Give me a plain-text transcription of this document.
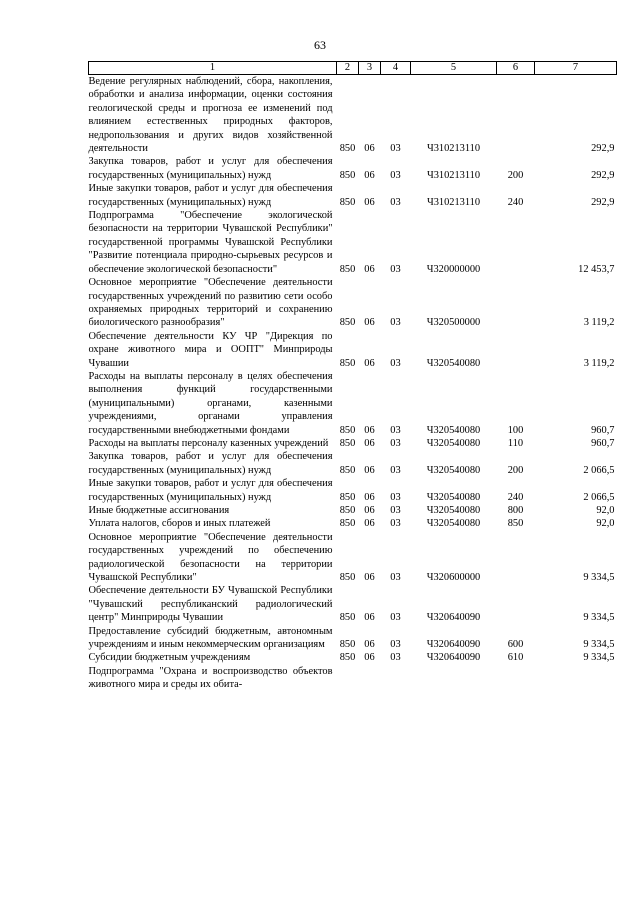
63
1	2	3	4	5	6	7
Ведение регулярных наблюдений, сбора, накопления, обработки и анализа информации, оценки состояния геологической среды и прогноза ее изменений под влиянием естественных природных факторов, недропользования и других видов хозяйственной деятельности	850	06	03	Ч310213110		292,9
Закупка товаров, работ и услуг для обеспечения государственных (муниципальных) нужд	850	06	03	Ч310213110	200	292,9
Иные закупки товаров, работ и услуг для обеспечения государственных (муниципальных) нужд	850	06	03	Ч310213110	240	292,9
Подпрограмма "Обеспечение экологической безопасности на территории Чувашской Республики" государственной программы Чувашской Республики "Развитие потенциала природно-сырьевых ресурсов и обеспечение экологической безопасности"	850	06	03	Ч320000000		12 453,7
Основное мероприятие "Обеспечение деятельности государственных учреждений по развитию сети особо охраняемых природных территорий и сохранению биологического разнообразия"	850	06	03	Ч320500000		3 119,2
Обеспечение деятельности КУ ЧР "Дирекция по охране животного мира и ООПТ" Минприроды Чувашии	850	06	03	Ч320540080		3 119,2
Расходы на выплаты персоналу в целях обеспечения выполнения функций государственными (муниципальными) органами, казенными учреждениями, органами управления государственными внебюджетными фондами	850	06	03	Ч320540080	100	960,7
Расходы на выплаты персоналу казенных учреждений	850	06	03	Ч320540080	110	960,7
Закупка товаров, работ и услуг для обеспечения государственных (муниципальных) нужд	850	06	03	Ч320540080	200	2 066,5
Иные закупки товаров, работ и услуг для обеспечения государственных (муниципальных) нужд	850	06	03	Ч320540080	240	2 066,5
Иные бюджетные ассигнования	850	06	03	Ч320540080	800	92,0
Уплата налогов, сборов и иных платежей	850	06	03	Ч320540080	850	92,0
Основное мероприятие "Обеспечение деятельности государственных учреждений по обеспечению радиологической безопасности на территории Чувашской Республики"	850	06	03	Ч320600000		9 334,5
Обеспечение деятельности БУ Чувашской Республики "Чувашский республиканский радиологический центр" Минприроды Чувашии	850	06	03	Ч320640090		9 334,5
Предоставление субсидий бюджетным, автономным учреждениям и иным некоммерческим организациям	850	06	03	Ч320640090	600	9 334,5
Субсидии бюджетным учреждениям	850	06	03	Ч320640090	610	9 334,5
Подпрограмма "Охрана и воспроизводство объектов животного мира и среды их обита-						
